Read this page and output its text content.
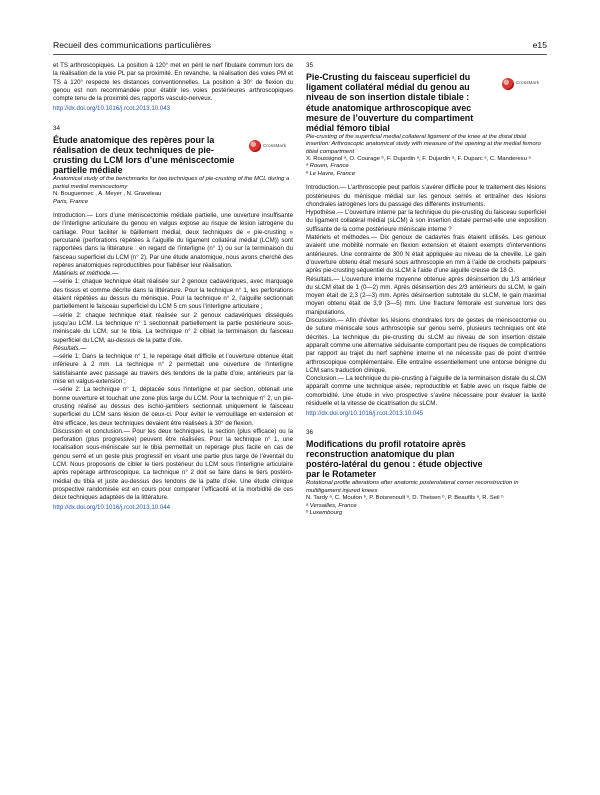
Recueil des communications particulières	e15

et TS arthroscopiques. La position à 120° met en péril le nerf fibulaire commun lors de la réalisation de la voie PL par sa proximité. En revanche, la réalisation des voies PM et TS à 120° respecte les distances conventionnelles. La position à 30° de flexion du genou est non recommandée pour établir les voies postérieures arthroscopiques compte tenu de la proximité des rapports vasculo-nerveux.

http://dx.doi.org/10.1016/j.rcot.2013.10.043
34
CrossMark
Étude anatomique des repères pour la réalisation de deux techniques de pie-crusting du LCM lors d’une méniscectomie partielle médiale
Anatomical study of the benchmarks for two techniques of pie-crusting of the MCL during a partial medial meniscectomy
N. Bouguennec , A. Meyer , N. Graveleau
Paris, France

Introduction.— Lors d’une méniscectomie médiale partielle, une ouverture insuffisante de l’interligne articulaire du genou en valgus expose au risque de lésion iatrogène du cartilage. Pour faciliter le bâillement médial, deux techniques de « pie-crusting » percutané (perforations répétées à l’aiguille du ligament collatéral médial (LCM)) sont rapportées dans la littérature : en regard de l’interligne (n° 1) ou sur la terminaison du faisceau superficiel du LCM (n° 2). Par une étude anatomique, nous avons cherché des repères anatomiques reproductibles pour fiabiliser leur réalisation.

Matériels et méthode.—

—série 1: chaque technique était réalisée sur 2 genoux cadavériques, avec marquage des tissus et comme décrite dans la littérature. Pour la technique n° 1, les perforations étaient répétées au dessus du ménisque. Pour la technique n° 2, l’aiguille sectionnait partiellement le faisceau superficiel du LCM 5 cm sous l’interligne articulaire ;

—série 2: chaque technique était réalisée sur 2 genoux cadavériques disséqués jusqu’au LCM. La technique n° 1 sectionnait partiellement la partie postérieure sous-méniscale du LCM, sur le tibia. La technique n° 2 ciblait la terminaison du faisceau superficiel du LCM, au-dessus de la patte d’oie.

Résultats.—

—série 1: Dans la technique n° 1, le repérage était difficile et l’ouverture obtenue était inférieure à 2 mm. La technique n° 2 permettait une ouverture de l’interligne satisfaisante avec passage au travers des tendons de la patte d’oie, antérieurs par la mise en valgus-extension ;

—série 2: La technique n° 1, déplacée sous l’interligne et par section, obtenait une bonne ouverture et touchait une zone plus large du LCM. Pour la technique n° 2, un pie-crusting réalisé au dessus des ischio-jambiers sectionnait uniquement le faisceau superficiel du LCM sans lésion de ceux-ci. Pour éviter le verrouillage en extension et être efficace, les deux techniques devaient être réalisées à 30° de flexion.

Discussion et conclusion.— Pour les deux techniques, la section (plus efficace) ou la perforation (plus progressive) peuvent être réalisées. Pour la technique n° 1, une localisation sous-méniscale sur le tibia permettait un repérage plus facile en cas de genou serré et un geste plus progressif en visant une partie plus large de l’éventail du LCM. Nous proposons de cibler le tiers postérieur du LCM sous l’interligne articulaire après repérage arthroscopique. La technique n° 2 doit se faire dans le tiers postéro-médial du tibia et juste au-dessus des tendons de la patte d’oie. Une étude clinique prospective randomisée est en cours pour comparer l’efficacité et la morbidité de ces deux techniques adaptées de la littérature.

http://dx.doi.org/10.1016/j.rcot.2013.10.044
35
CrossMark
Pie-Crusting du faisceau superficiel du ligament collatéral médial du genou au niveau de son insertion distale tibiale : étude anatomique arthroscopique avec mesure de l’ouverture du compartiment médial fémoro tibial
Pie-crusting of the superficial medial collateral ligament of the knee at the distal tibial insertion: Arthroscopic anatomical study with measure of the opening at the medial femoro tibial compartment
X. Roussignol ᵃ, O. Courage ᵇ, F. Dujardin ᵃ, F. Dujardin ᵃ, F. Duparc ᵃ, C. Manderesu ᵃ
ᵃ Rouen, France
ᵇ Le Havre, France

Introduction.— L’arthroscopie peut parfois s’avérer difficile pour le traitement des lésions postérieures du ménisque médial sur les genoux serrés et entraîner des lésions chondrales iatrogènes lors du passage des différents instruments.

Hypothèse.— L’ouverture interne par la technique du pie-crusting du faisceau superficiel du ligament collatéral médial (sLCM) à son insertion distale permet-elle une exposition suffisante de la corne postérieure méniscale interne ?

Matériels et méthodes.— Dix genoux de cadavres frais étaient utilisés. Les genoux avaient une mobilité normale en flexion extension et étaient exempts d’interventions antérieures. Une contrainte de 300 N était appliquée au niveau de la cheville. Le gain d’ouverture obtenu était mesuré sous arthroscopie en mm à l’aide de crochets palpeurs après pie-crusting séquentiel du sLCM à l’aide d’une aiguille creuse de 18 G.

Résultats.— L’ouverture interne moyenne obtenue après désinsertion du 1/3 antérieur du sLCM était de 1 (0—2) mm. Après désinsertion des 2/3 antérieurs du sLCM, le gain moyen était de 2,3 (2—3) mm. Après désinsertion subtotale du sLCM, le gain maximal moyen obtenu était de 3,9 (3—5) mm. Une fracture fémorale est survenue lors des manipulations.

Discussion.— Afin d’éviter les lésions chondrales lors de gestes de méniscectomie ou de suture méniscale sous arthroscopie sur genou serré, plusieurs techniques ont été décrites. La technique du pie-crusting du sLCM au niveau de son insertion distale apparaît comme une alternative séduisante comportant peu de risques de complications par rapport au trajet du nerf saphène interne et ne nécessite pas de point d’entrée arthroscopique complémentaire. Elle entraîne essentiellement une entorse bénigne du LCM sans traduction clinique.

Conclusion.— La technique du pie-crusting à l’aiguille de la terminaison distale du sLCM apparaît comme une technique aisée, reproductible et fiable avec un risque faible de comorbidité. Une étude in vivo prospective s’avère nécessaire pour évaluer la laxité résiduelle et la vitesse de cicatrisation du sLCM.

http://dx.doi.org/10.1016/j.rcot.2013.10.045
36
Modifications du profil rotatoire après reconstruction anatomique du plan postéro-latéral du genou : étude objective par le Rotameter
Rotational profile alterations after anatomic posterolateral corner reconstruction in multiligament injured knees
N. Tardy ᵃ, C. Mouton ᵇ, P. Boisrenoult ᵃ, D. Theisen ᵇ, P. Beaufils ᵃ, R. Seil ᵇ
ᵃ Versailles, France
ᵇ Luxembourg
